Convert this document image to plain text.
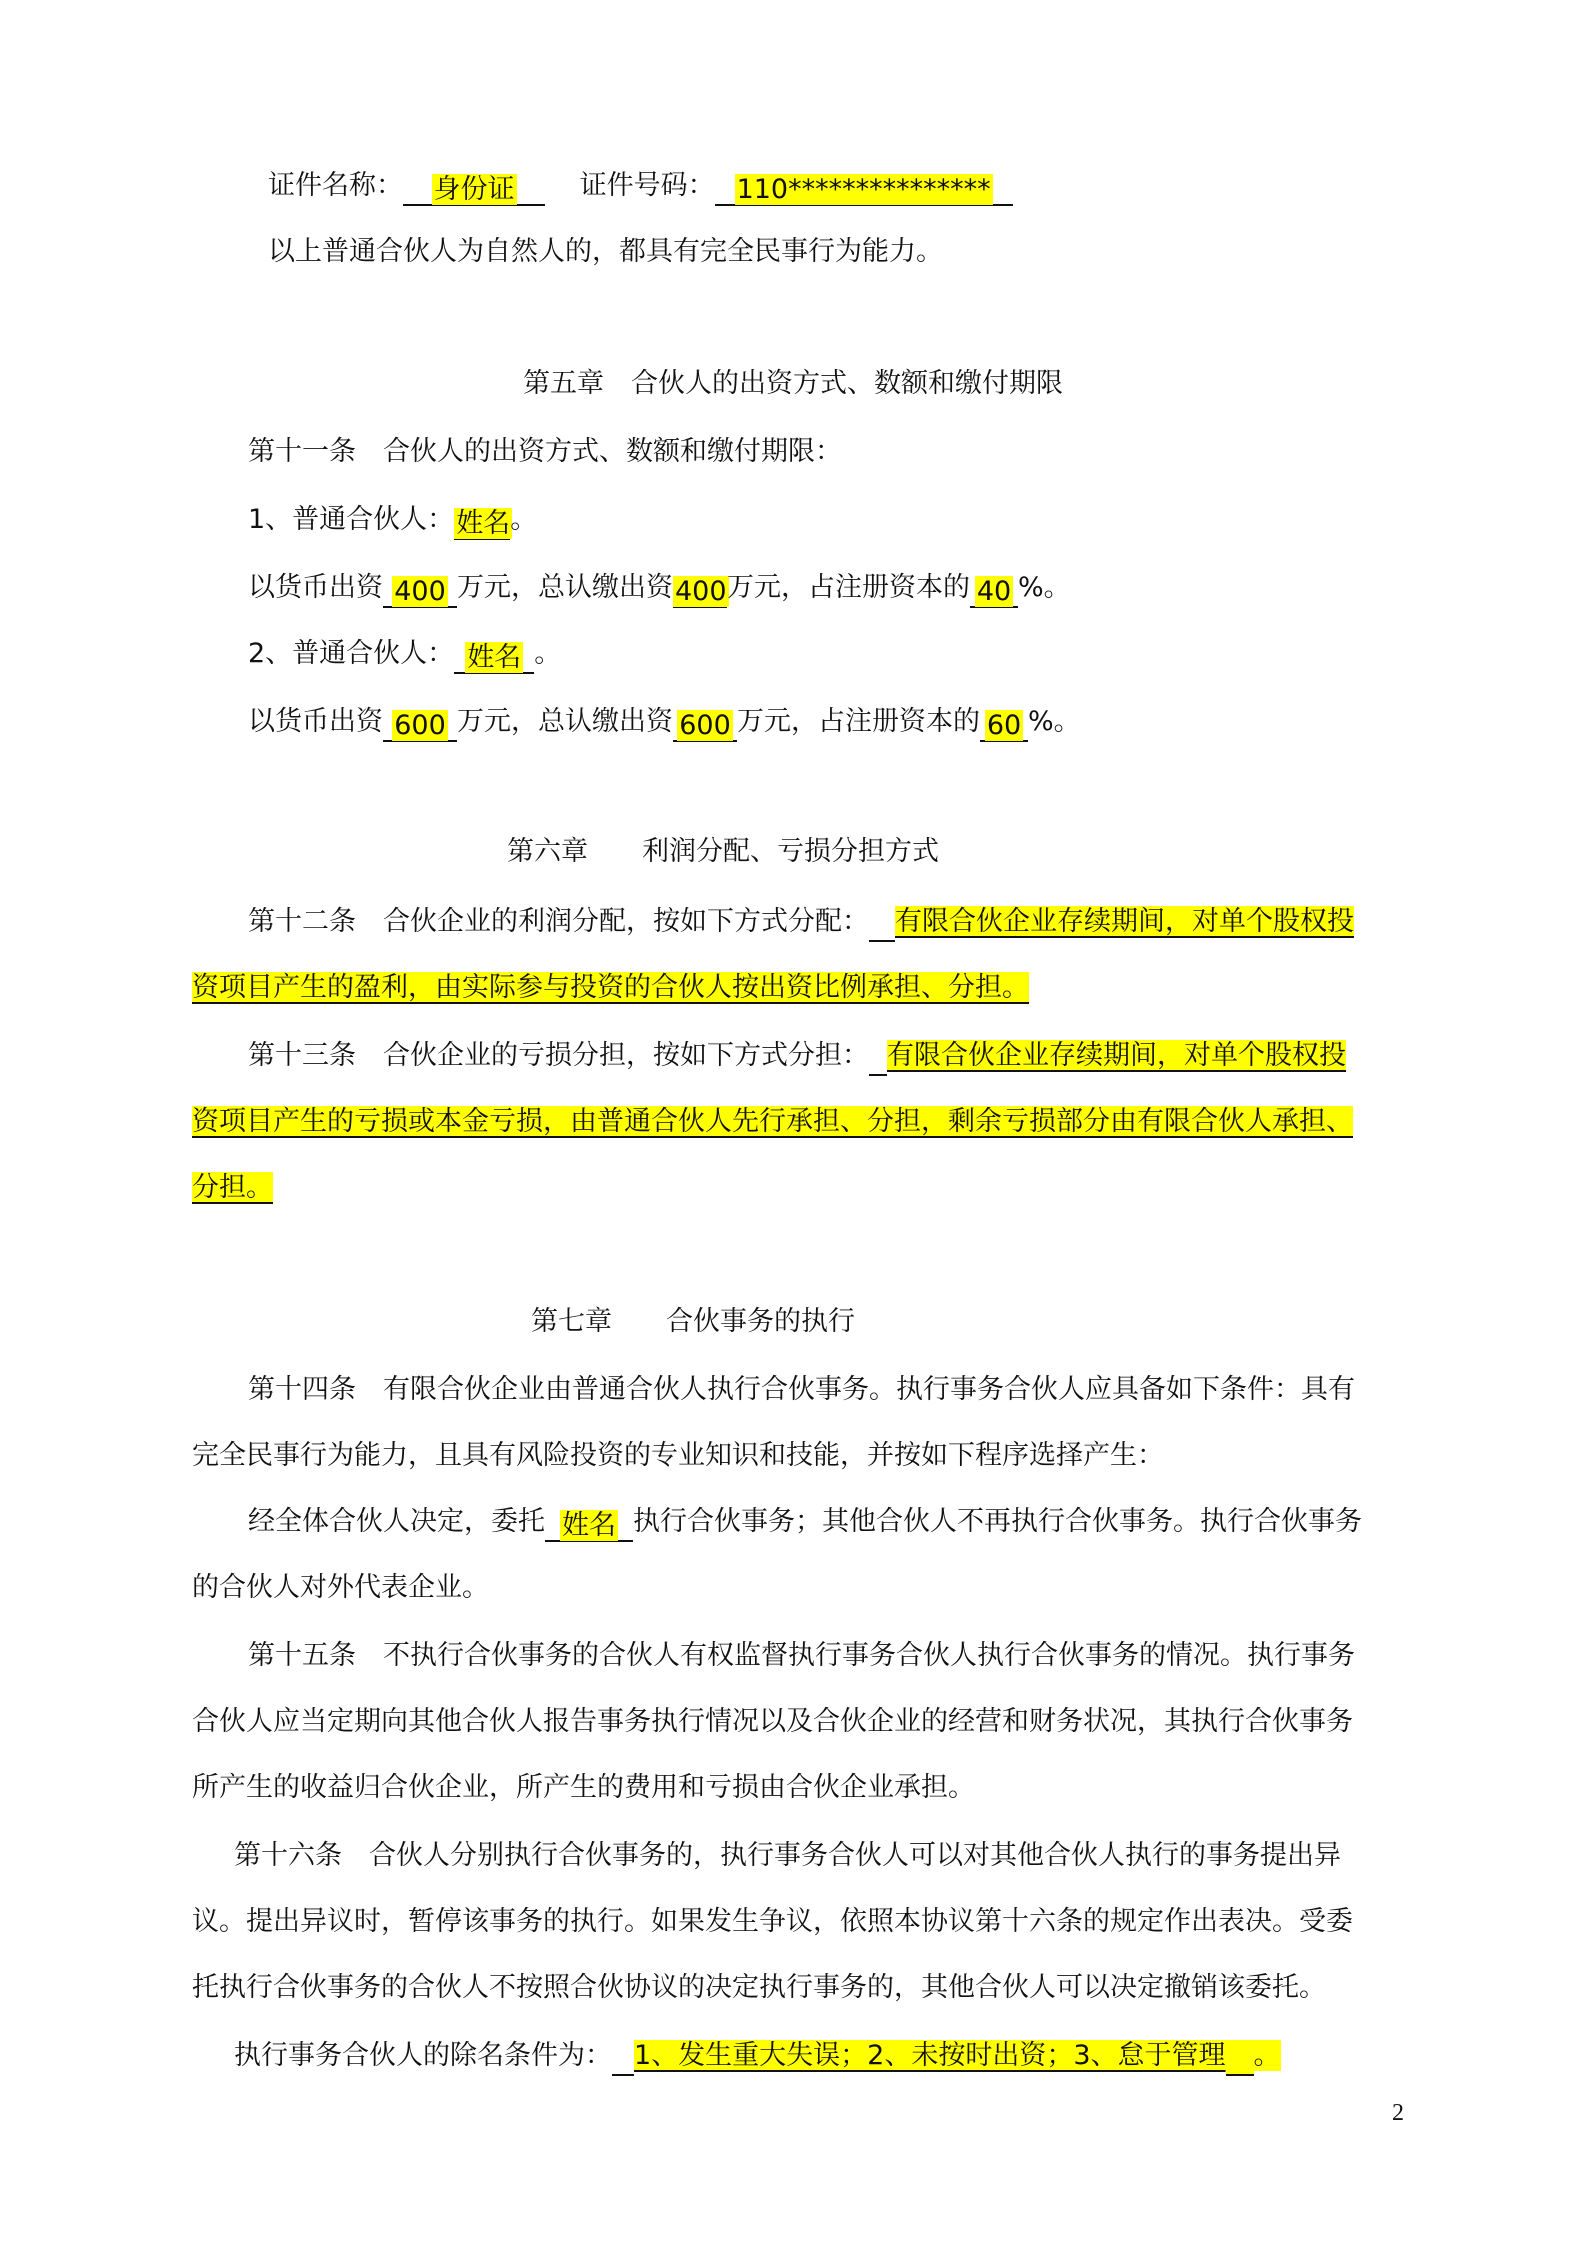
证件名称： 身份证 证件号码： 110***************
以上普通合伙人为自然人的，都具有完全民事行为能力。
第五章　合伙人的出资方式、数额和缴付期限
第十一条　合伙人的出资方式、数额和缴付期限：
1、普通合伙人：姓名。
以货币出资 400 万元，总认缴出资400万元，占注册资本的 40 %。
2、普通合伙人： 姓名 。
以货币出资 600 万元，总认缴出资 600 万元，占注册资本的 60 %。
第六章　　利润分配、亏损分担方式
第十二条　合伙企业的利润分配，按如下方式分配： 有限合伙企业存续期间，对单个股权投
资项目产生的盈利，由实际参与投资的合伙人按出资比例承担、分担。
第十三条　合伙企业的亏损分担，按如下方式分担： 有限合伙企业存续期间，对单个股权投
资项目产生的亏损或本金亏损，由普通合伙人先行承担、分担，剩余亏损部分由有限合伙人承担、
分担。
第七章　　合伙事务的执行
第十四条　有限合伙企业由普通合伙人执行合伙事务。执行事务合伙人应具备如下条件：具有
完全民事行为能力，且具有风险投资的专业知识和技能，并按如下程序选择产生：
经全体合伙人决定，委托 姓名 执行合伙事务；其他合伙人不再执行合伙事务。执行合伙事务
的合伙人对外代表企业。
第十五条　不执行合伙事务的合伙人有权监督执行事务合伙人执行合伙事务的情况。执行事务
合伙人应当定期向其他合伙人报告事务执行情况以及合伙企业的经营和财务状况，其执行合伙事务
所产生的收益归合伙企业，所产生的费用和亏损由合伙企业承担。
第十六条　合伙人分别执行合伙事务的，执行事务合伙人可以对其他合伙人执行的事务提出异
议。提出异议时，暂停该事务的执行。如果发生争议，依照本协议第十六条的规定作出表决。受委
托执行合伙事务的合伙人不按照合伙协议的决定执行事务的，其他合伙人可以决定撤销该委托。
执行事务合伙人的除名条件为： 1、发生重大失误；2、未按时出资；3、怠于管理 。
2
